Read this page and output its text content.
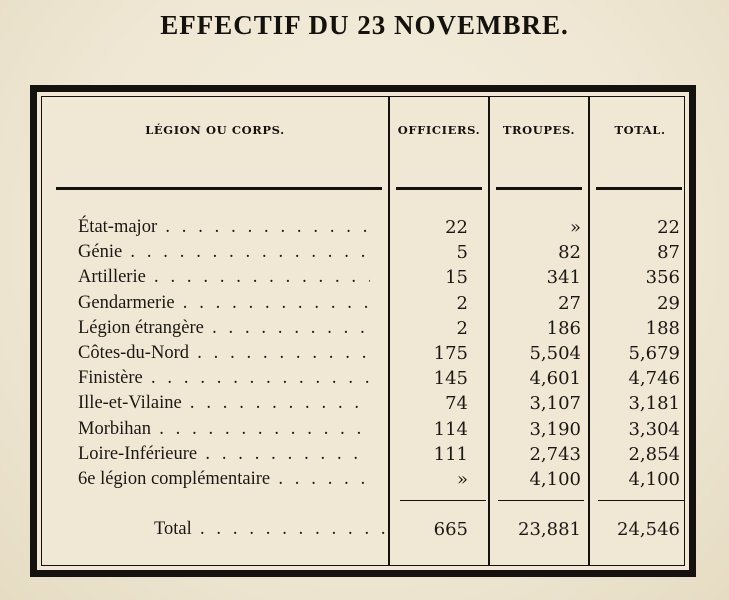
EFFECTIF DU 23 NOVEMBRE.
LÉGION OU CORPS.	OFFICIERS.	TROUPES.	TOTAL.
État-major . . .	22	»	22
Génie . . .	5	82	87
Artillerie . . .	15	341	356
Gendarmerie . . .	2	27	29
Légion étrangère . . .	2	186	188
Côtes-du-Nord . . .	175	5,504	5,679
Finistère . . .	145	4,601	4,746
Ille-et-Vilaine . . .	74	3,107	3,181
Morbihan . . .	114	3,190	3,304
Loire-Inférieure . . .	111	2,743	2,854
6e légion complémentaire . . .	»	4,100	4,100
Total . . .	665	23,881	24,546
